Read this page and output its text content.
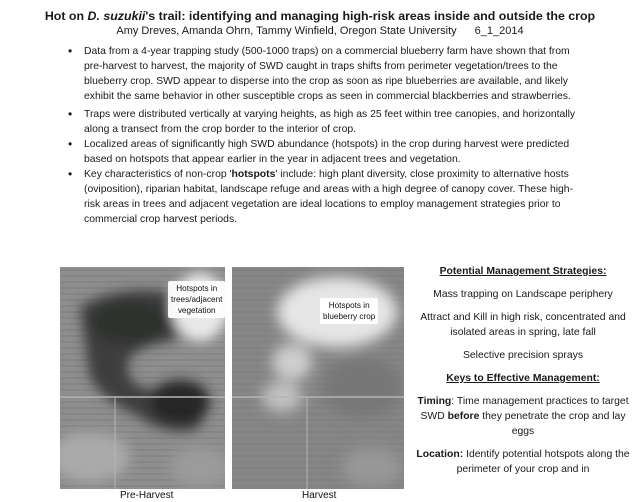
Hot on D. suzukii's trail: identifying and managing high-risk areas inside and outside the crop
Amy Dreves, Amanda Ohrn, Tammy Winfield, Oregon State University 6_1_2014
• Data from a 4-year trapping study (500-1000 traps) on a commercial blueberry farm have shown that from pre-harvest to harvest, the majority of SWD caught in traps shifts from perimeter vegetation/trees to the blueberry crop. SWD appear to disperse into the crop as soon as ripe blueberries are available, and likely exhibit the same behavior in other susceptible crops as seen in commercial blackberries and strawberries.
• Traps were distributed vertically at varying heights, as high as 25 feet within tree canopies, and horizontally along a transect from the crop border to the interior of crop.
• Localized areas of significantly high SWD abundance (hotspots) in the crop during harvest were predicted based on hotspots that appear earlier in the year in adjacent trees and vegetation.
• Key characteristics of non-crop 'hotspots' include: high plant diversity, close proximity to alternative hosts (oviposition), riparian habitat, landscape refuge and areas with a high degree of canopy cover. These high-risk areas in trees and adjacent vegetation are ideal locations to employ management strategies prior to commercial crop harvest periods.
Hotspots in
trees/adjacent
vegetation
Pre-Harvest
Hotspots in
blueberry crop
Harvest
Potential Management Strategies:

Mass trapping on Landscape periphery

Attract and Kill in high risk, concentrated and isolated areas in spring, late fall

Selective precision sprays

Keys to Effective Management:

Timing: Time management practices to target SWD before they penetrate the crop and lay eggs

Location: Identify potential hotspots along the perimeter of your crop and in
